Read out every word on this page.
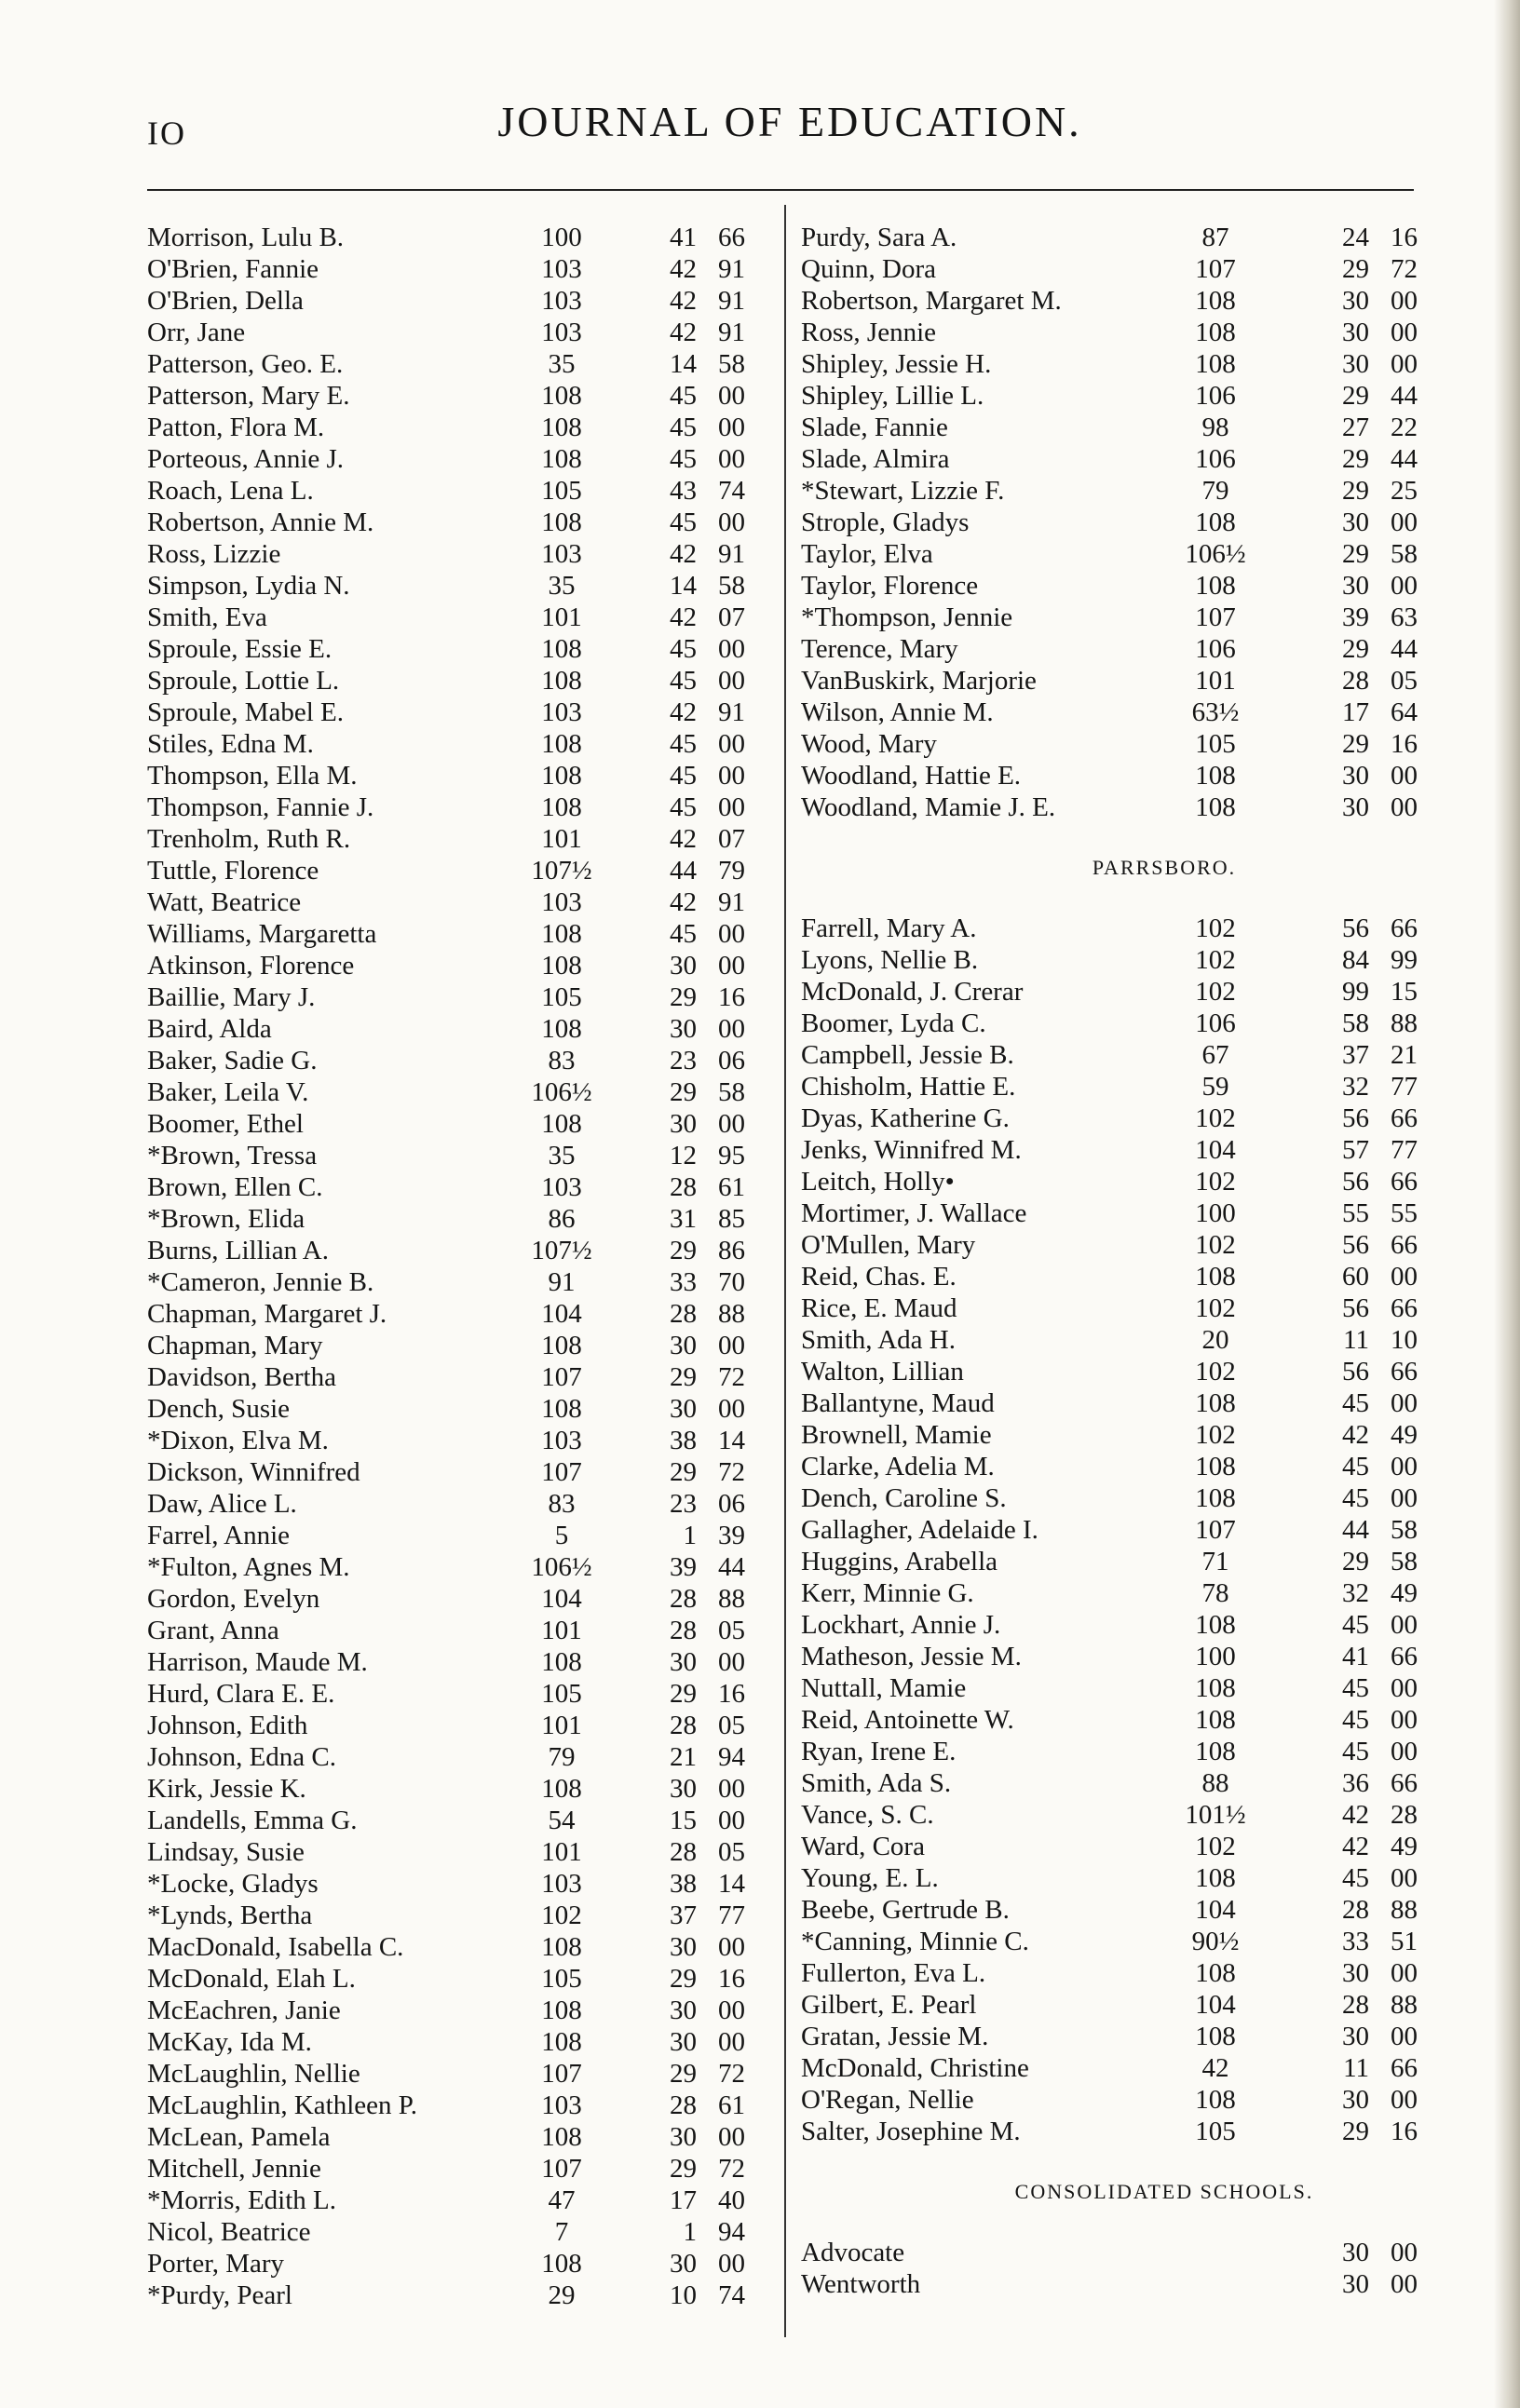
IO	JOURNAL OF EDUCATION.
Morrison, Lulu B.	100	41 66
O'Brien, Fannie	103	42 91
O'Brien, Della	103	42 91
Orr, Jane	103	42 91
Patterson, Geo. E.	35	14 58
Patterson, Mary E.	108	45 00
Patton, Flora M.	108	45 00
Porteous, Annie J.	108	45 00
Roach, Lena L.	105	43 74
Robertson, Annie M.	108	45 00
Ross, Lizzie	103	42 91
Simpson, Lydia N.	35	14 58
Smith, Eva	101	42 07
Sproule, Essie E.	108	45 00
Sproule, Lottie L.	108	45 00
Sproule, Mabel E.	103	42 91
Stiles, Edna M.	108	45 00
Thompson, Ella M.	108	45 00
Thompson, Fannie J.	108	45 00
Trenholm, Ruth R.	101	42 07
Tuttle, Florence	107½	44 79
Watt, Beatrice	103	42 91
Williams, Margaretta	108	45 00
Atkinson, Florence	108	30 00
Baillie, Mary J.	105	29 16
Baird, Alda	108	30 00
Baker, Sadie G.	83	23 06
Baker, Leila V.	106½	29 58
Boomer, Ethel	108	30 00
*Brown, Tressa	35	12 95
Brown, Ellen C.	103	28 61
*Brown, Elida	86	31 85
Burns, Lillian A.	107½	29 86
*Cameron, Jennie B.	91	33 70
Chapman, Margaret J.	104	28 88
Chapman, Mary	108	30 00
Davidson, Bertha	107	29 72
Dench, Susie	108	30 00
*Dixon, Elva M.	103	38 14
Dickson, Winnifred	107	29 72
Daw, Alice L.	83	23 06
Farrel, Annie	5	1 39
*Fulton, Agnes M.	106½	39 44
Gordon, Evelyn	104	28 88
Grant, Anna	101	28 05
Harrison, Maude M.	108	30 00
Hurd, Clara E. E.	105	29 16
Johnson, Edith	101	28 05
Johnson, Edna C.	79	21 94
Kirk, Jessie K.	108	30 00
Landells, Emma G.	54	15 00
Lindsay, Susie	101	28 05
*Locke, Gladys	103	38 14
*Lynds, Bertha	102	37 77
MacDonald, Isabella C.	108	30 00
McDonald, Elah L.	105	29 16
McEachren, Janie	108	30 00
McKay, Ida M.	108	30 00
McLaughlin, Nellie	107	29 72
McLaughlin, Kathleen P.	103	28 61
McLean, Pamela	108	30 00
Mitchell, Jennie	107	29 72
*Morris, Edith L.	47	17 40
Nicol, Beatrice	7	1 94
Porter, Mary	108	30 00
*Purdy, Pearl	29	10 74
Purdy, Sara A.	87	24 16
Quinn, Dora	107	29 72
Robertson, Margaret M.	108	30 00
Ross, Jennie	108	30 00
Shipley, Jessie H.	108	30 00
Shipley, Lillie L.	106	29 44
Slade, Fannie	98	27 22
Slade, Almira	106	29 44
*Stewart, Lizzie F.	79	29 25
Strople, Gladys	108	30 00
Taylor, Elva	106½	29 58
Taylor, Florence	108	30 00
*Thompson, Jennie	107	39 63
Terence, Mary	106	29 44
VanBuskirk, Marjorie	101	28 05
Wilson, Annie M.	63½	17 64
Wood, Mary	105	29 16
Woodland, Hattie E.	108	30 00
Woodland, Mamie J. E.	108	30 00
PARRSBORO.
Farrell, Mary A.	102	56 66
Lyons, Nellie B.	102	84 99
McDonald, J. Crerar	102	99 15
Boomer, Lyda C.	106	58 88
Campbell, Jessie B.	67	37 21
Chisholm, Hattie E.	59	32 77
Dyas, Katherine G.	102	56 66
Jenks, Winnifred M.	104	57 77
Leitch, Holly•	102	56 66
Mortimer, J. Wallace	100	55 55
O'Mullen, Mary	102	56 66
Reid, Chas. E.	108	60 00
Rice, E. Maud	102	56 66
Smith, Ada H.	20	11 10
Walton, Lillian	102	56 66
Ballantyne, Maud	108	45 00
Brownell, Mamie	102	42 49
Clarke, Adelia M.	108	45 00
Dench, Caroline S.	108	45 00
Gallagher, Adelaide I.	107	44 58
Huggins, Arabella	71	29 58
Kerr, Minnie G.	78	32 49
Lockhart, Annie J.	108	45 00
Matheson, Jessie M.	100	41 66
Nuttall, Mamie	108	45 00
Reid, Antoinette W.	108	45 00
Ryan, Irene E.	108	45 00
Smith, Ada S.	88	36 66
Vance, S. C.	101½	42 28
Ward, Cora	102	42 49
Young, E. L.	108	45 00
Beebe, Gertrude B.	104	28 88
*Canning, Minnie C.	90½	33 51
Fullerton, Eva L.	108	30 00
Gilbert, E. Pearl	104	28 88
Gratan, Jessie M.	108	30 00
McDonald, Christine	42	11 66
O'Regan, Nellie	108	30 00
Salter, Josephine M.	105	29 16
CONSOLIDATED SCHOOLS.
Advocate	30 00
Wentworth	30 00
